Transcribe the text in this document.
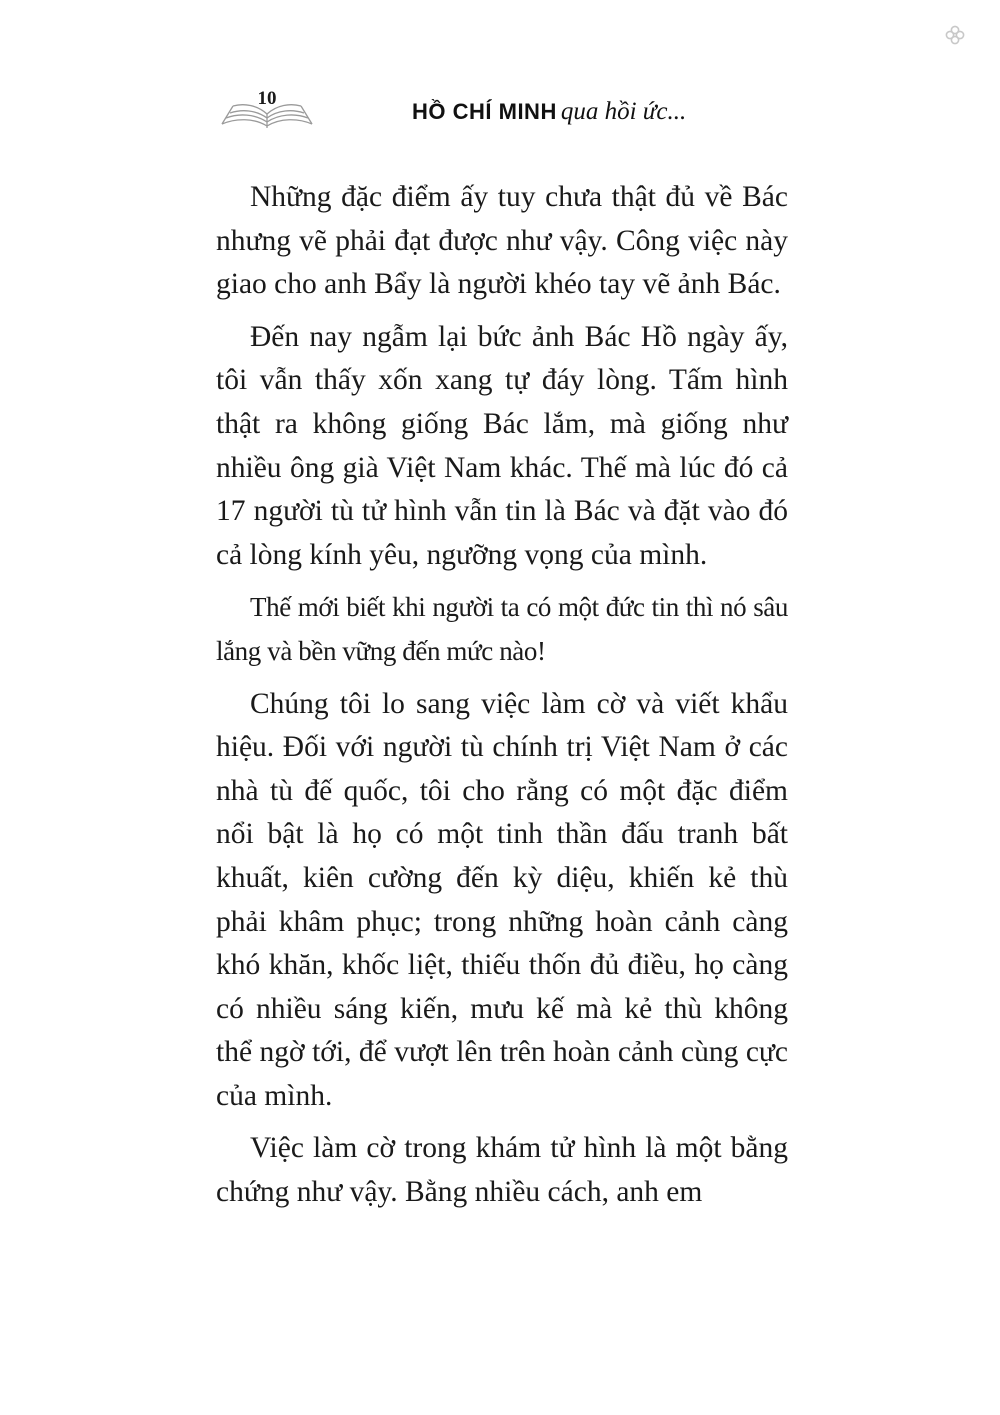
10
HỒ CHÍ MINH qua hồi ức...

Những đặc điểm ấy tuy chưa thật đủ về Bác nhưng vẽ phải đạt được như vậy. Công việc này giao cho anh Bẩy là người khéo tay vẽ ảnh Bác.

Đến nay ngẫm lại bức ảnh Bác Hồ ngày ấy, tôi vẫn thấy xốn xang tự đáy lòng. Tấm hình thật ra không giống Bác lắm, mà giống như nhiều ông già Việt Nam khác. Thế mà lúc đó cả 17 người tù tử hình vẫn tin là Bác và đặt vào đó cả lòng kính yêu, ngưỡng vọng của mình.

Thế mới biết khi người ta có một đức tin thì nó sâu lắng và bền vững đến mức nào!

Chúng tôi lo sang việc làm cờ và viết khẩu hiệu. Đối với người tù chính trị Việt Nam ở các nhà tù đế quốc, tôi cho rằng có một đặc điểm nổi bật là họ có một tinh thần đấu tranh bất khuất, kiên cường đến kỳ diệu, khiến kẻ thù phải khâm phục; trong những hoàn cảnh càng khó khăn, khốc liệt, thiếu thốn đủ điều, họ càng có nhiều sáng kiến, mưu kế mà kẻ thù không thể ngờ tới, để vượt lên trên hoàn cảnh cùng cực của mình.

Việc làm cờ trong khám tử hình là một bằng chứng như vậy. Bằng nhiều cách, anh em
